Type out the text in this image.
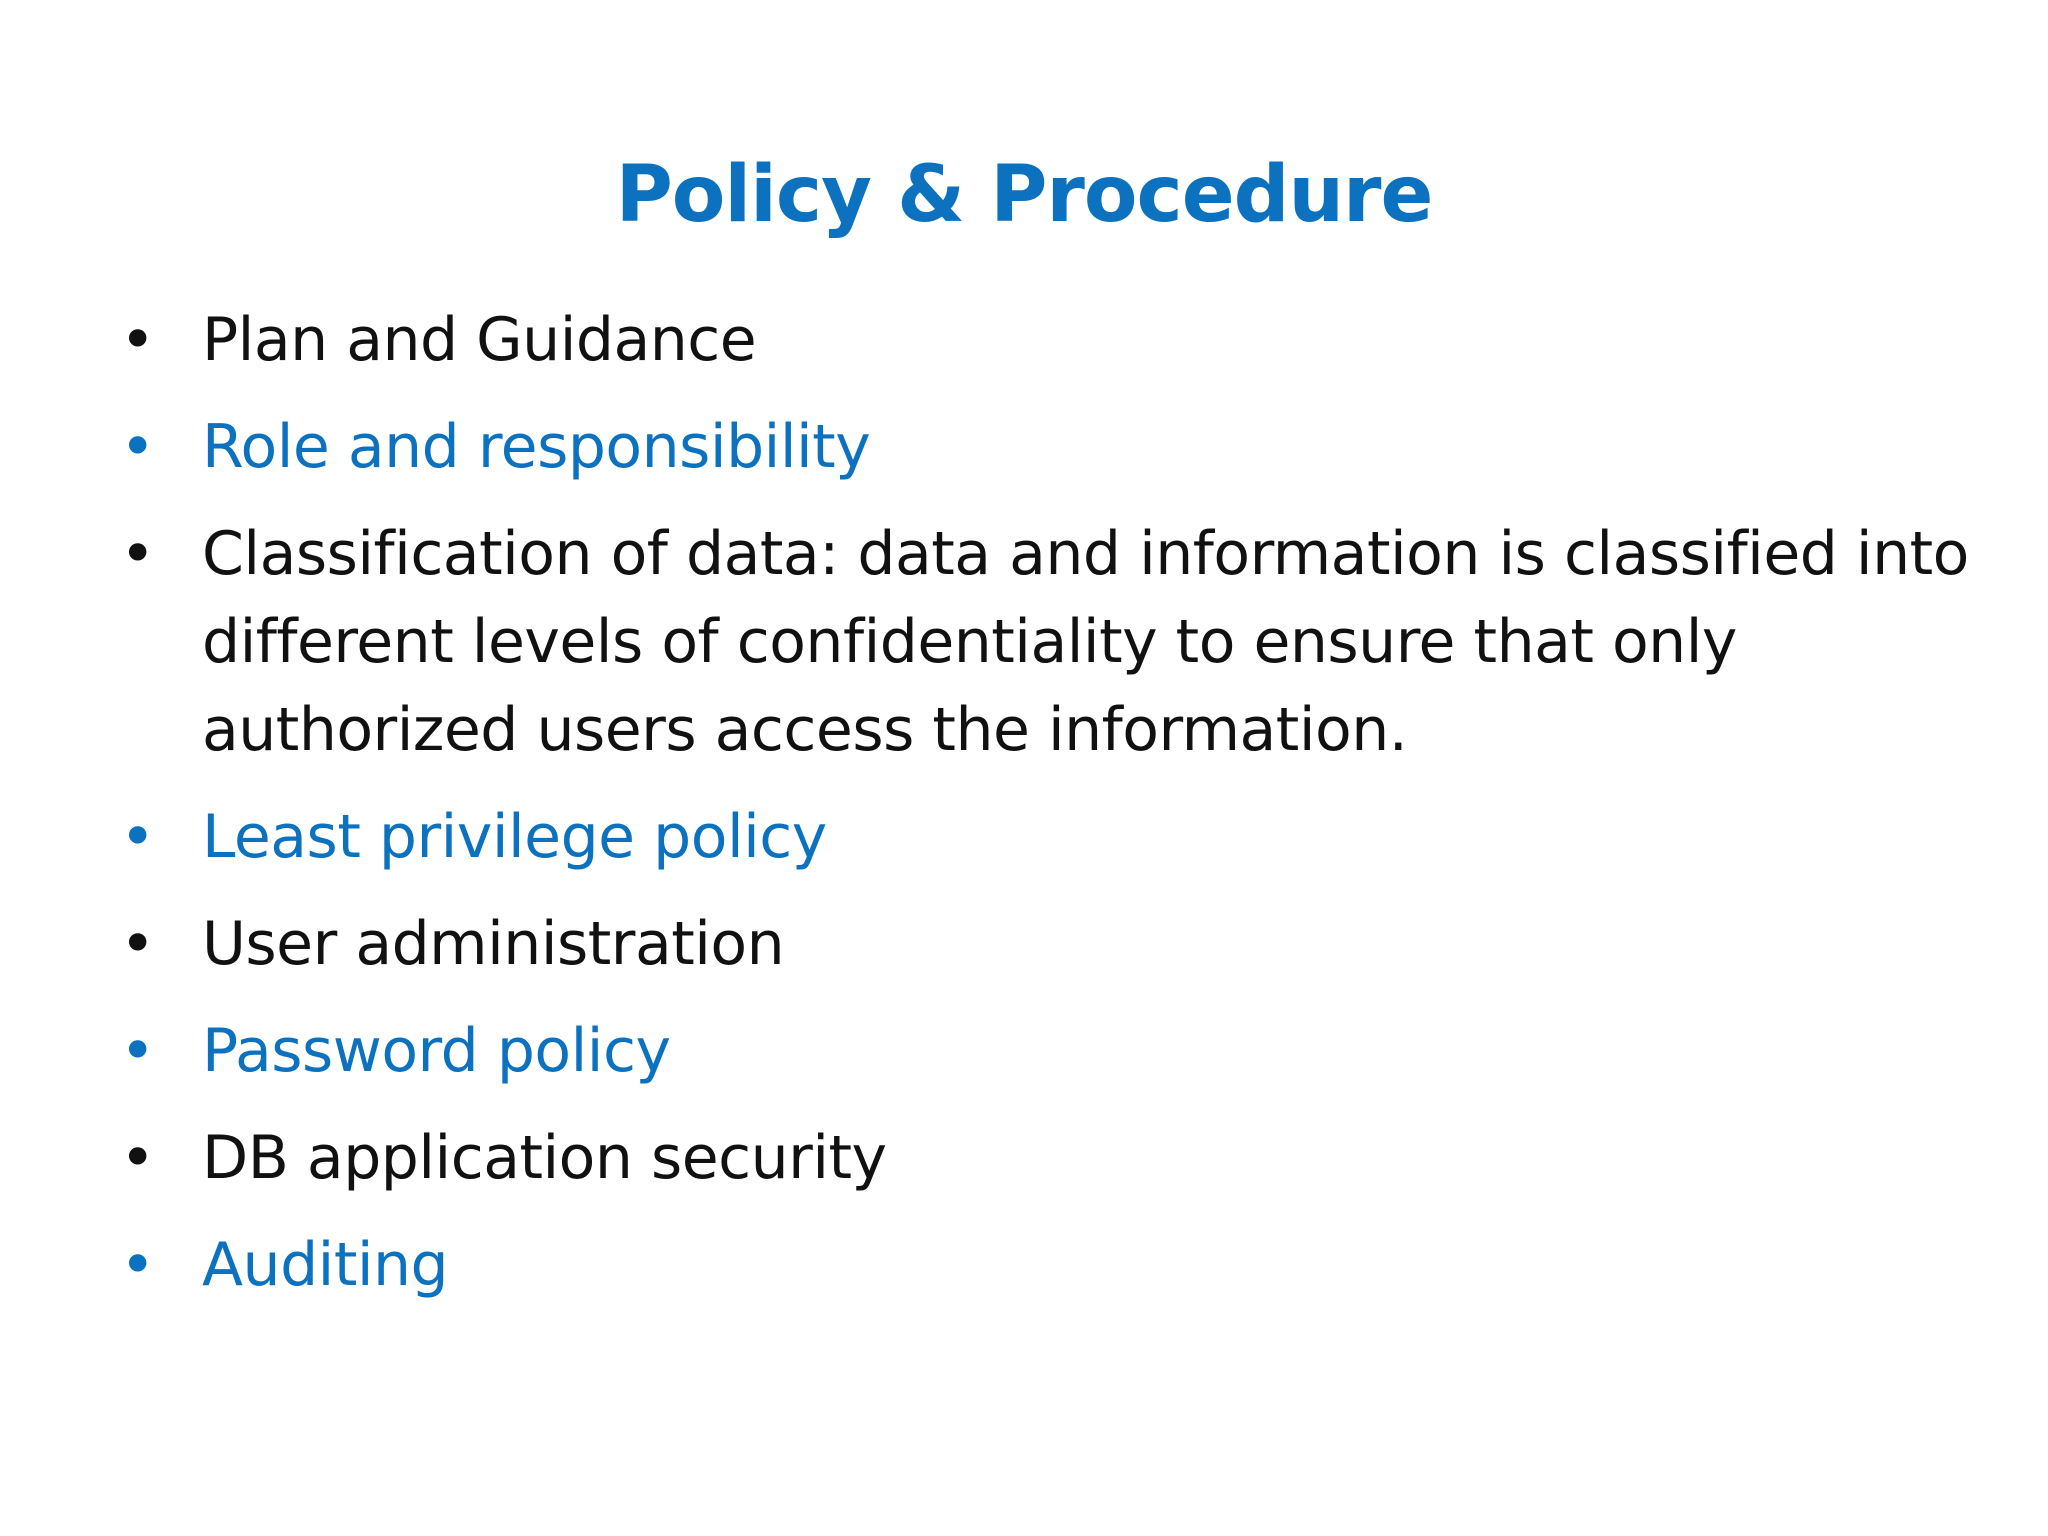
Policy & Procedure
• Plan and Guidance
• Role and responsibility
• Classification of data: data and information is classified into different levels of confidentiality to ensure that only authorized users access the information.
• Least privilege policy
• User administration
• Password policy
• DB application security
• Auditing
